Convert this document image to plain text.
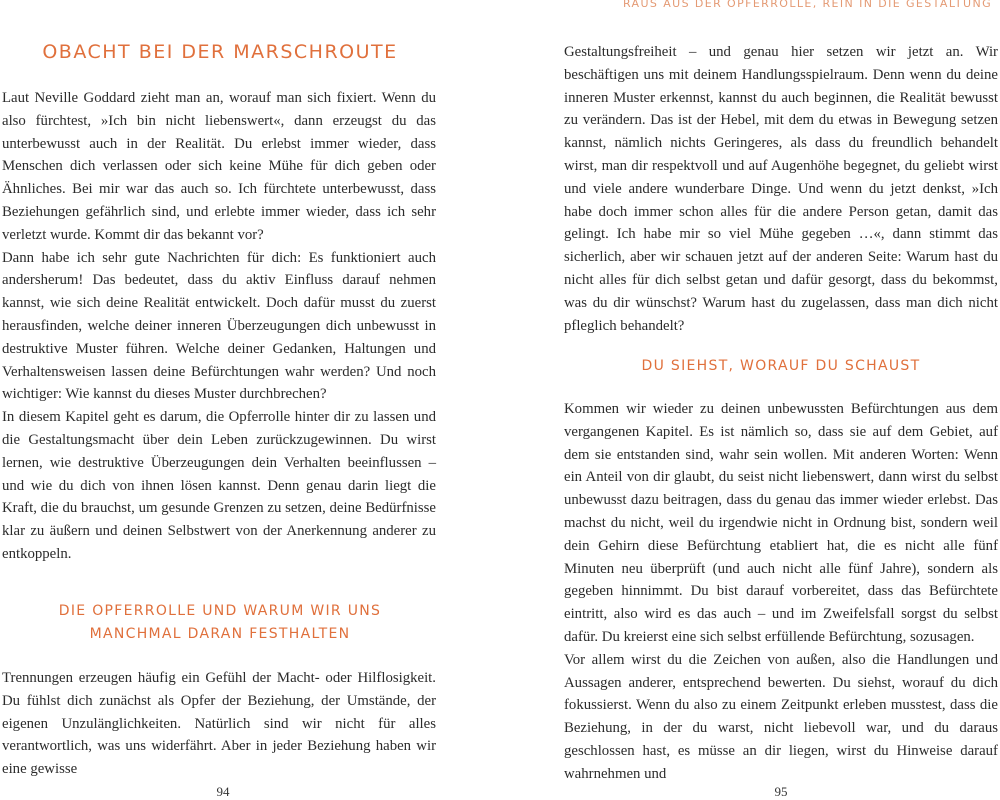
OBACHT BEI DER MARSCHROUTE

Laut Neville Goddard zieht man an, worauf man sich fixiert. Wenn du also fürchtest, »Ich bin nicht liebenswert«, dann erzeugst du das unterbewusst auch in der Realität. Du erlebst immer wieder, dass Menschen dich verlassen oder sich keine Mühe für dich geben oder Ähnliches. Bei mir war das auch so. Ich fürchtete unterbewusst, dass Beziehungen gefährlich sind, und erlebte immer wieder, dass ich sehr verletzt wurde. Kommt dir das bekannt vor?

Dann habe ich sehr gute Nachrichten für dich: Es funktioniert auch andersherum! Das bedeutet, dass du aktiv Einfluss darauf nehmen kannst, wie sich deine Realität entwickelt. Doch dafür musst du zuerst herausfinden, welche deiner inneren Überzeugungen dich unbewusst in destruktive Muster führen. Welche deiner Gedanken, Haltungen und Verhaltensweisen lassen deine Befürchtungen wahr werden? Und noch wichtiger: Wie kannst du dieses Muster durchbrechen?

In diesem Kapitel geht es darum, die Opferrolle hinter dir zu lassen und die Gestaltungsmacht über dein Leben zurückzugewinnen. Du wirst lernen, wie destruktive Überzeugungen dein Verhalten beeinflussen – und wie du dich von ihnen lösen kannst. Denn genau darin liegt die Kraft, die du brauchst, um gesunde Grenzen zu setzen, deine Bedürfnisse klar zu äußern und deinen Selbstwert von der Anerkennung anderer zu entkoppeln.

DIE OPFERROLLE UND WARUM WIR UNS
MANCHMAL DARAN FESTHALTEN

Trennungen erzeugen häufig ein Gefühl der Macht- oder Hilflosigkeit. Du fühlst dich zunächst als Opfer der Beziehung, der Umstände, der eigenen Unzulänglichkeiten. Natürlich sind wir nicht für alles verantwortlich, was uns widerfährt. Aber in jeder Beziehung haben wir eine gewisse

94
RAUS AUS DER OPFERROLLE, REIN IN DIE GESTALTUNG

Gestaltungsfreiheit – und genau hier setzen wir jetzt an. Wir beschäftigen uns mit deinem Handlungsspielraum. Denn wenn du deine inneren Muster erkennst, kannst du auch beginnen, die Realität bewusst zu verändern. Das ist der Hebel, mit dem du etwas in Bewegung setzen kannst, nämlich nichts Geringeres, als dass du freundlich behandelt wirst, man dir respektvoll und auf Augenhöhe begegnet, du geliebt wirst und viele andere wunderbare Dinge. Und wenn du jetzt denkst, »Ich habe doch immer schon alles für die andere Person getan, damit das gelingt. Ich habe mir so viel Mühe gegeben …«, dann stimmt das sicherlich, aber wir schauen jetzt auf der anderen Seite: Warum hast du nicht alles für dich selbst getan und dafür gesorgt, dass du bekommst, was du dir wünschst? Warum hast du zugelassen, dass man dich nicht pfleglich behandelt?

DU SIEHST, WORAUF DU SCHAUST

Kommen wir wieder zu deinen unbewussten Befürchtungen aus dem vergangenen Kapitel. Es ist nämlich so, dass sie auf dem Gebiet, auf dem sie entstanden sind, wahr sein wollen. Mit anderen Worten: Wenn ein Anteil von dir glaubt, du seist nicht liebenswert, dann wirst du selbst unbewusst dazu beitragen, dass du genau das immer wieder erlebst. Das machst du nicht, weil du irgendwie nicht in Ordnung bist, sondern weil dein Gehirn diese Befürchtung etabliert hat, die es nicht alle fünf Minuten neu überprüft (und auch nicht alle fünf Jahre), sondern als gegeben hinnimmt. Du bist darauf vorbereitet, dass das Befürchtete eintritt, also wird es das auch – und im Zweifelsfall sorgst du selbst dafür. Du kreierst eine sich selbst erfüllende Befürchtung, sozusagen.

Vor allem wirst du die Zeichen von außen, also die Handlungen und Aussagen anderer, entsprechend bewerten. Du siehst, worauf du dich fokussierst. Wenn du also zu einem Zeitpunkt erleben musstest, dass die Beziehung, in der du warst, nicht liebevoll war, und du daraus geschlossen hast, es müsse an dir liegen, wirst du Hinweise darauf wahrnehmen und

95
